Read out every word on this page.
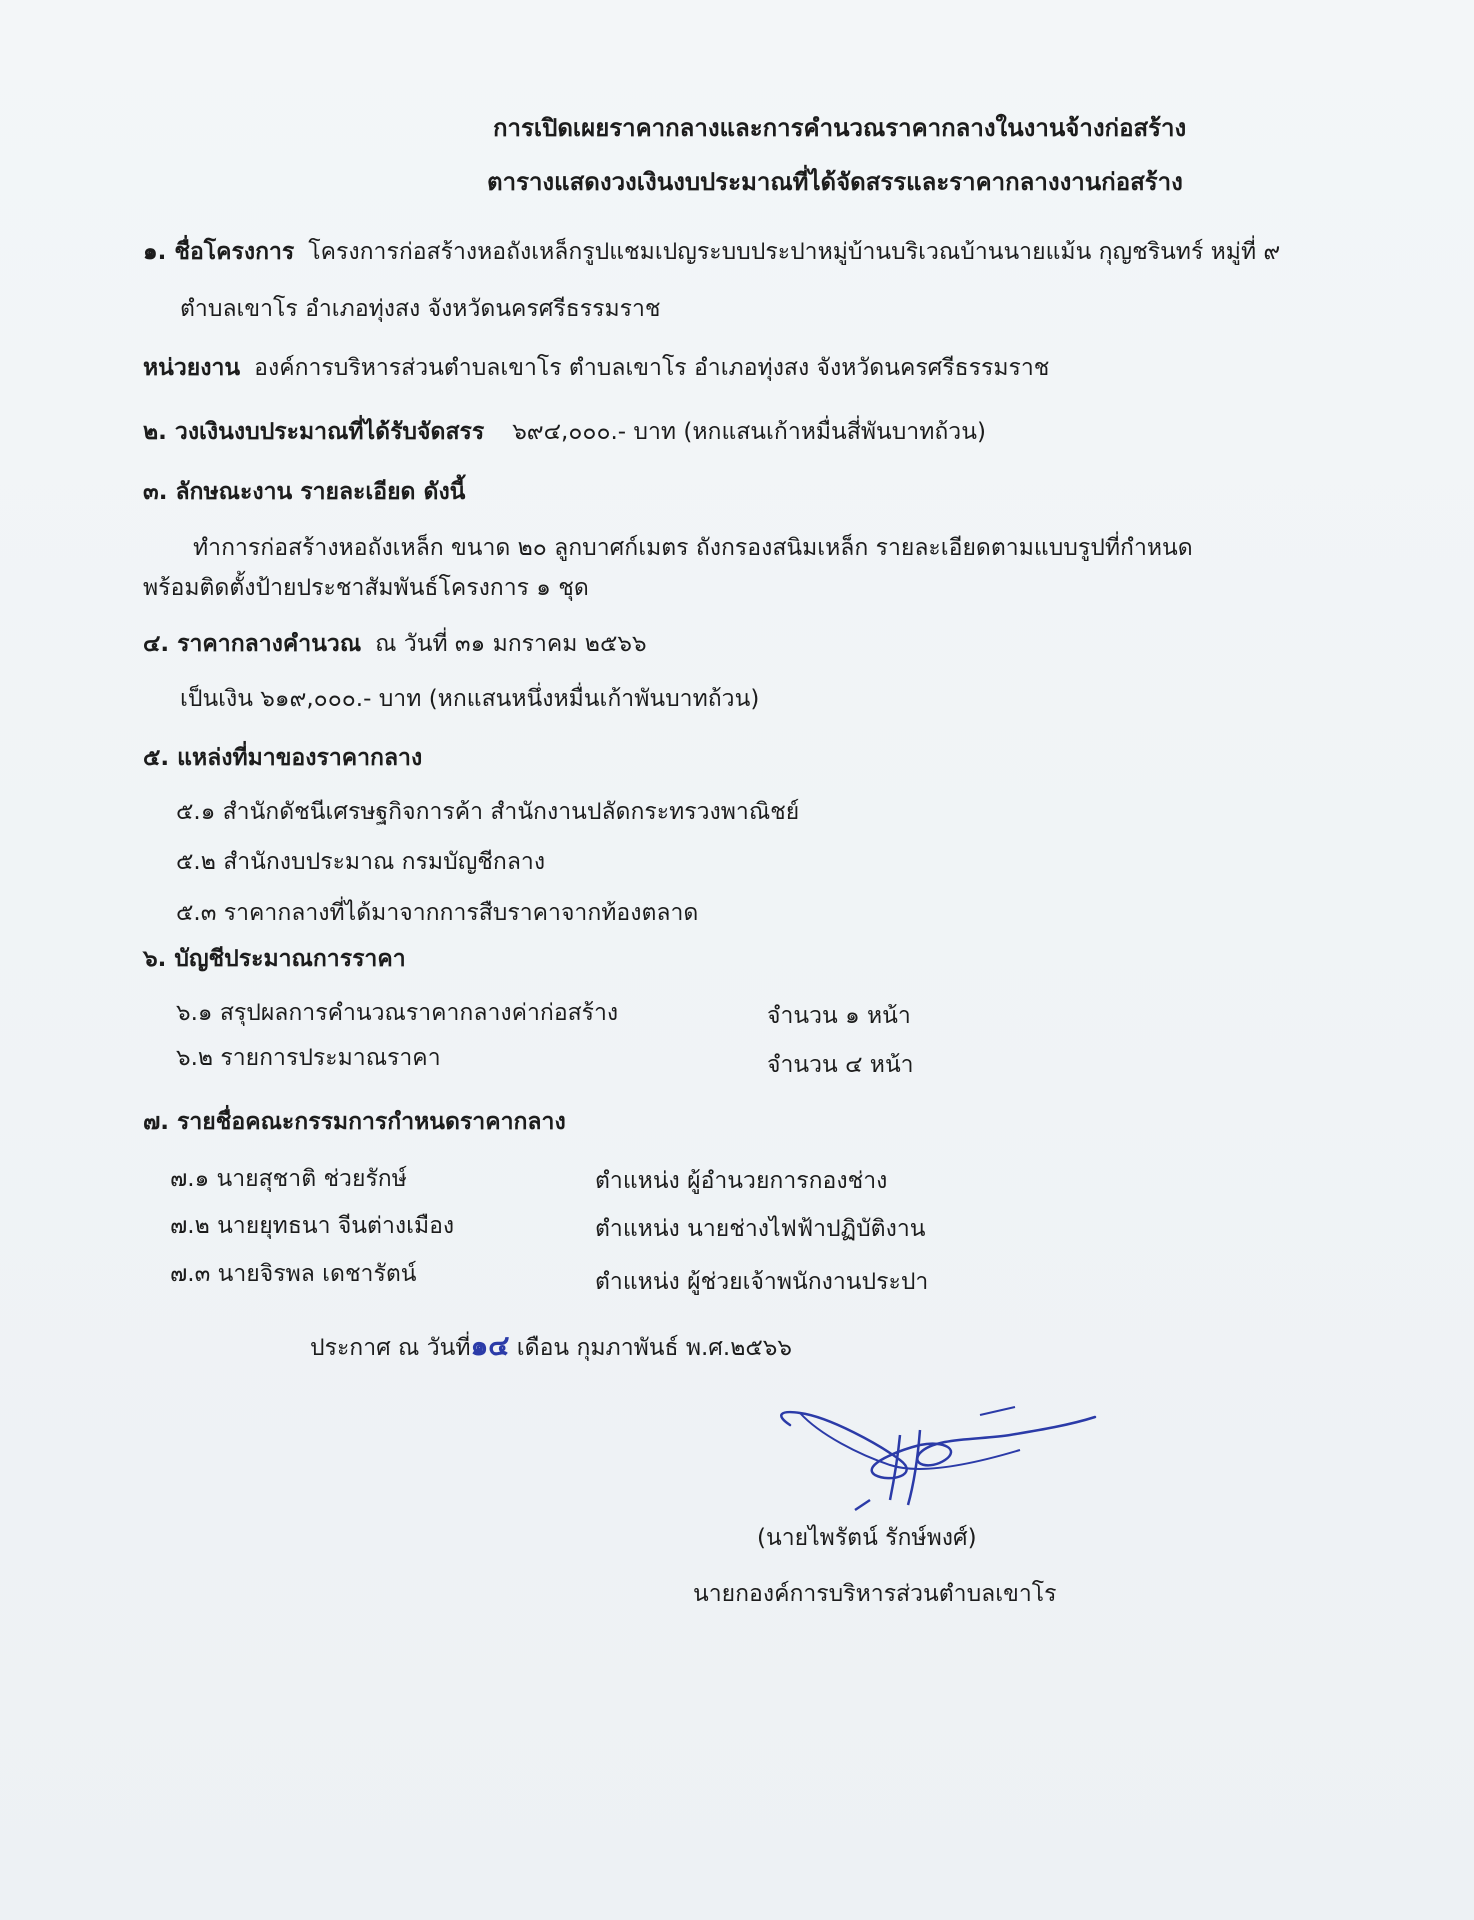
การเปิดเผยราคากลางและการคำนวณราคากลางในงานจ้างก่อสร้าง
ตารางแสดงวงเงินงบประมาณที่ได้จัดสรรและราคากลางงานก่อสร้าง
๑. ชื่อโครงการ โครงการก่อสร้างหอถังเหล็กรูปแชมเปญระบบประปาหมู่บ้านบริเวณบ้านนายแม้น กุญชรินทร์ หมู่ที่ ๙
ตำบลเขาโร อำเภอทุ่งสง จังหวัดนครศรีธรรมราช
หน่วยงาน องค์การบริหารส่วนตำบลเขาโร ตำบลเขาโร อำเภอทุ่งสง จังหวัดนครศรีธรรมราช
๒. วงเงินงบประมาณที่ได้รับจัดสรร ๖๙๔,๐๐๐.- บาท (หกแสนเก้าหมื่นสี่พันบาทถ้วน)
๓. ลักษณะงาน รายละเอียด ดังนี้
ทำการก่อสร้างหอถังเหล็ก ขนาด ๒๐ ลูกบาศก์เมตร ถังกรองสนิมเหล็ก รายละเอียดตามแบบรูปที่กำหนด
พร้อมติดตั้งป้ายประชาสัมพันธ์โครงการ ๑ ชุด
๔. ราคากลางคำนวณ ณ วันที่ ๓๑ มกราคม ๒๕๖๖
เป็นเงิน ๖๑๙,๐๐๐.- บาท (หกแสนหนึ่งหมื่นเก้าพันบาทถ้วน)
๕. แหล่งที่มาของราคากลาง
๕.๑ สำนักดัชนีเศรษฐกิจการค้า สำนักงานปลัดกระทรวงพาณิชย์
๕.๒ สำนักงบประมาณ กรมบัญชีกลาง
๕.๓ ราคากลางที่ได้มาจากการสืบราคาจากท้องตลาด
๖. บัญชีประมาณการราคา
๖.๑ สรุปผลการคำนวณราคากลางค่าก่อสร้าง	จำนวน ๑ หน้า
๖.๒ รายการประมาณราคา	จำนวน ๔ หน้า
๗. รายชื่อคณะกรรมการกำหนดราคากลาง
๗.๑ นายสุชาติ ช่วยรักษ์	ตำแหน่ง ผู้อำนวยการกองช่าง
๗.๒ นายยุทธนา จีนต่างเมือง	ตำแหน่ง นายช่างไฟฟ้าปฏิบัติงาน
๗.๓ นายจิรพล เดชารัตน์	ตำแหน่ง ผู้ช่วยเจ้าพนักงานประปา
ประกาศ ณ วันที่๑๔ เดือน กุมภาพันธ์ พ.ศ.๒๕๖๖
(นายไพรัตน์ รักษ์พงศ์)
นายกองค์การบริหารส่วนตำบลเขาโร
